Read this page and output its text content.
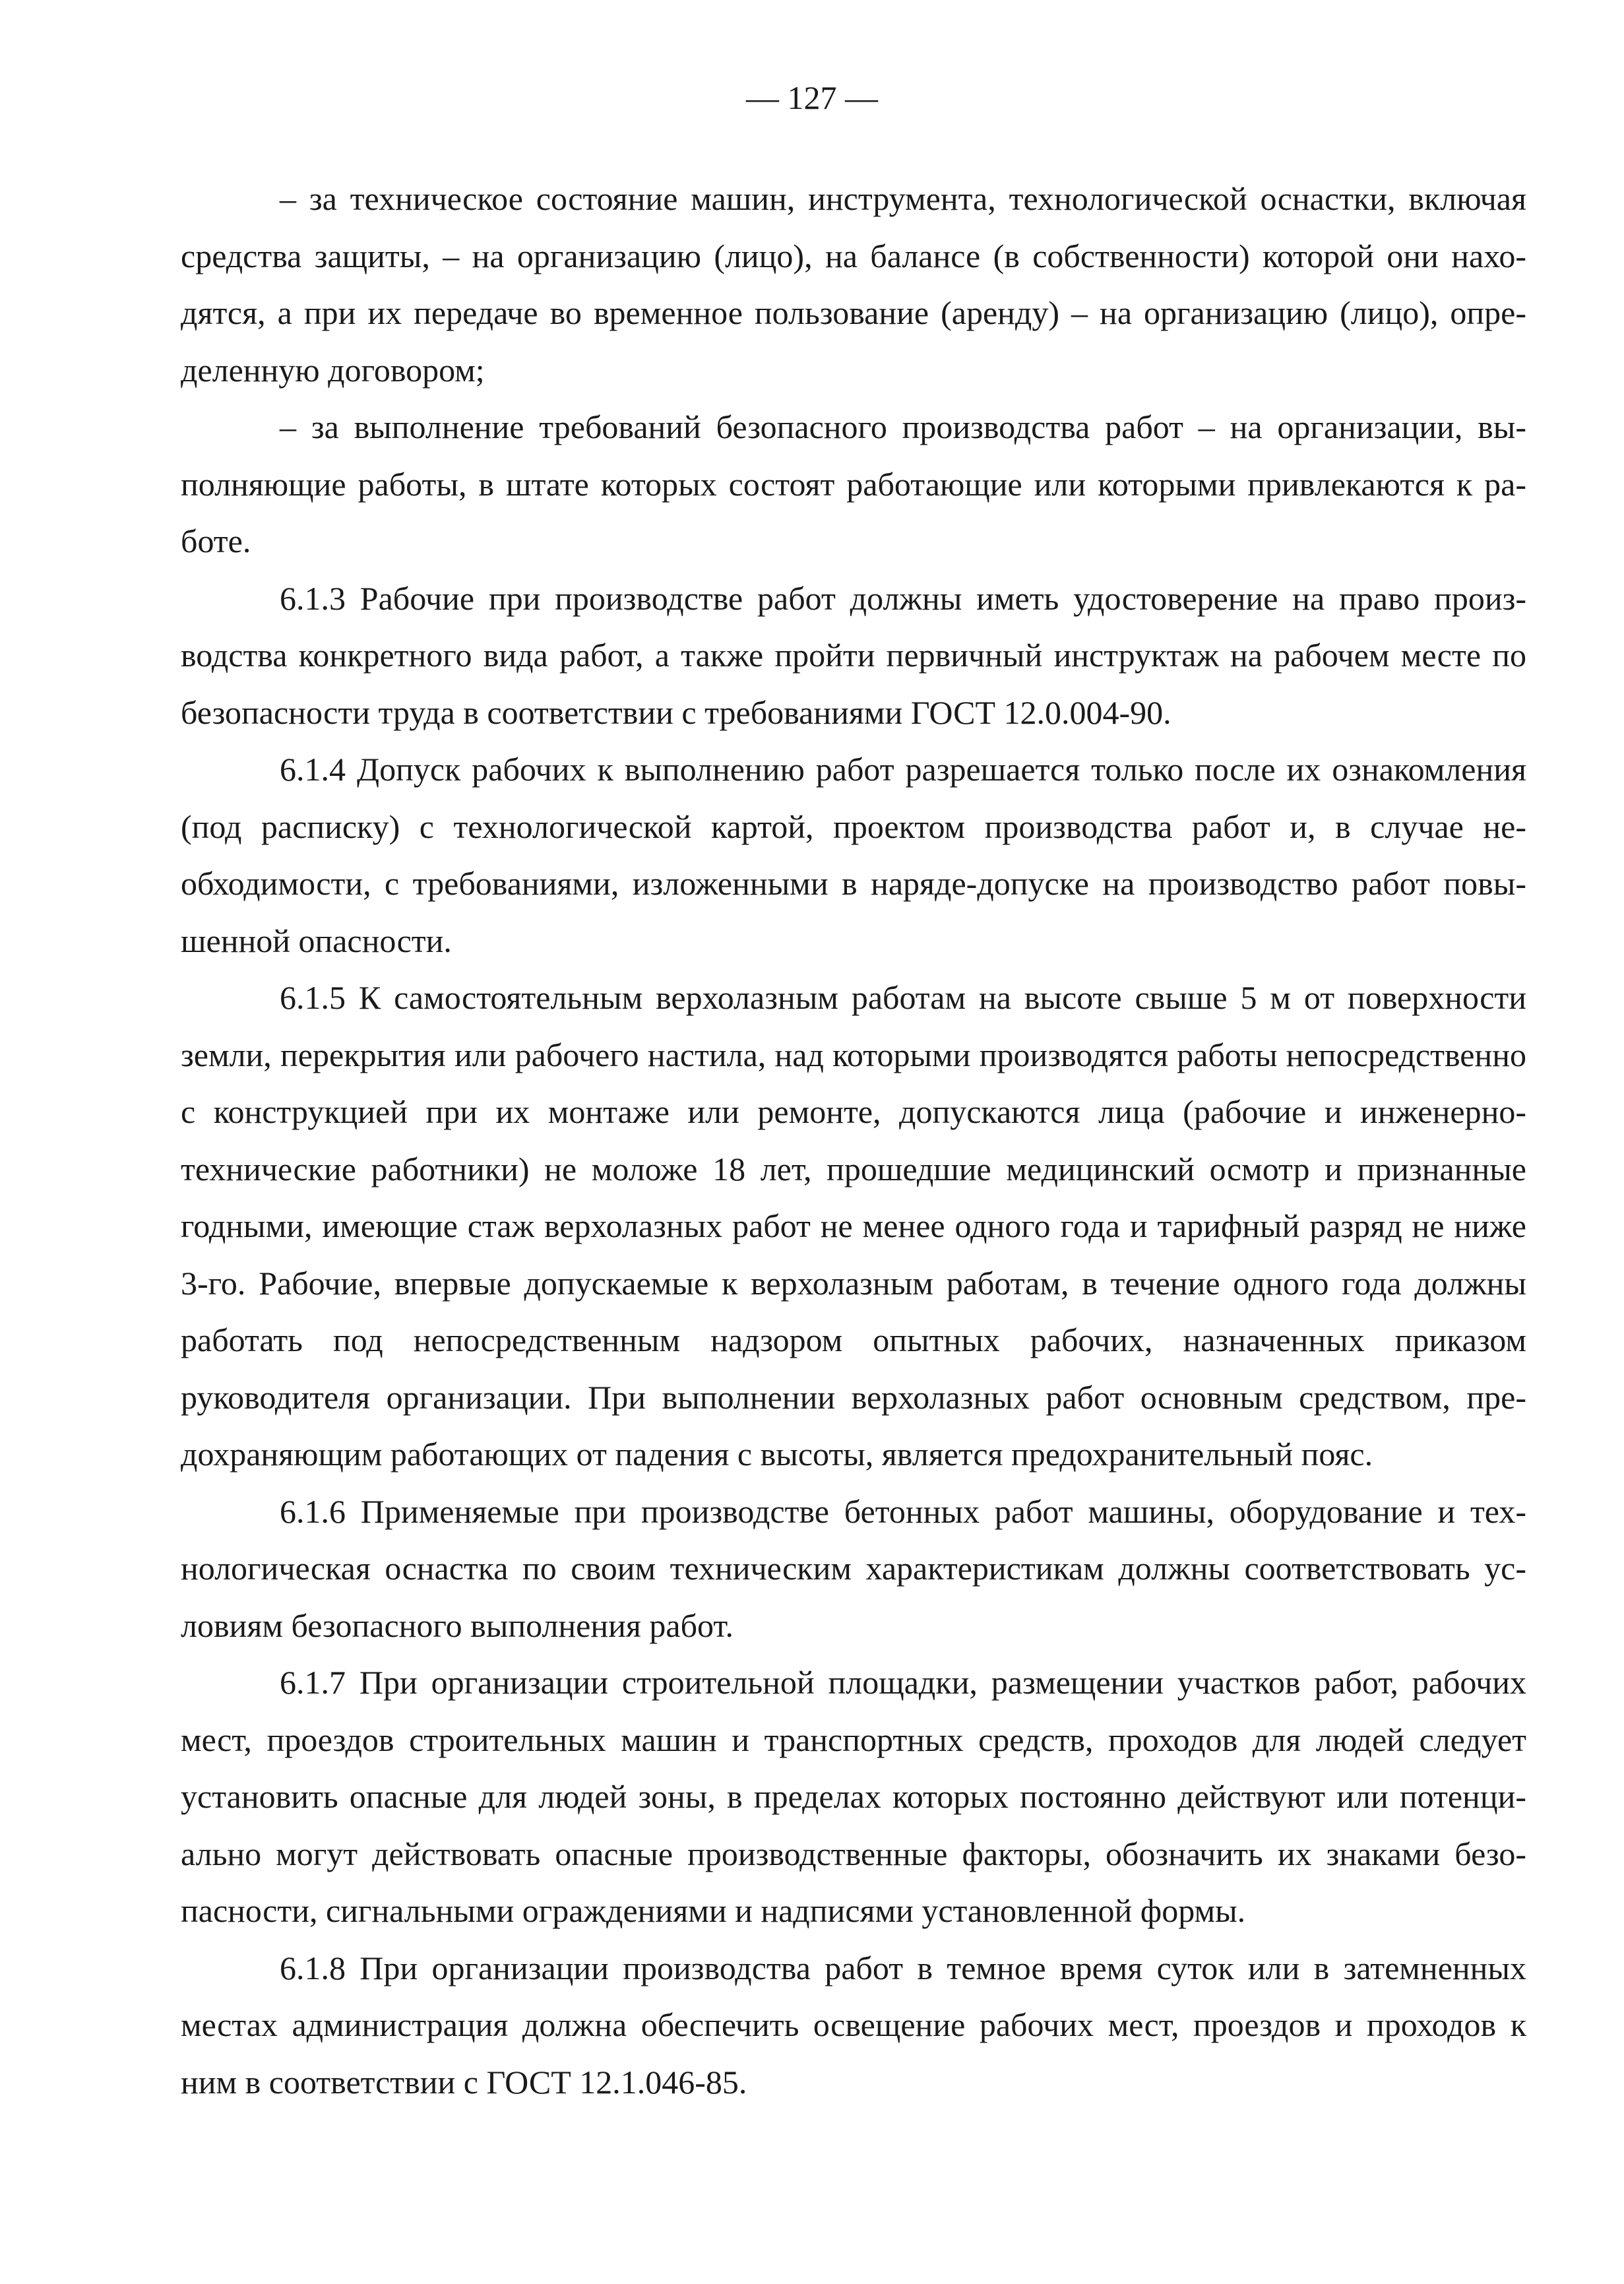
— 127 —

– за техническое состояние машин, инструмента, технологической оснастки, включая средства защиты, – на организацию (лицо), на балансе (в собственности) которой они находятся, а при их передаче во временное пользование (аренду) – на организацию (лицо), определенную договором;

– за выполнение требований безопасного производства работ – на организации, выполняющие работы, в штате которых состоят работающие или которыми привлекаются к работе.

6.1.3 Рабочие при производстве работ должны иметь удостоверение на право производства конкретного вида работ, а также пройти первичный инструктаж на рабочем месте по безопасности труда в соответствии с требованиями ГОСТ 12.0.004-90.

6.1.4 Допуск рабочих к выполнению работ разрешается только после их ознакомления (под расписку) с технологической картой, проектом производства работ и, в случае необходимости, с требованиями, изложенными в наряде-допуске на производство работ повышенной опасности.

6.1.5 К самостоятельным верхолазным работам на высоте свыше 5 м от поверхности земли, перекрытия или рабочего настила, над которыми производятся работы непосредственно с конструкцией при их монтаже или ремонте, допускаются лица (рабочие и инженерно-технические работники) не моложе 18 лет, прошедшие медицинский осмотр и признанные годными, имеющие стаж верхолазных работ не менее одного года и тарифный разряд не ниже 3-го. Рабочие, впервые допускаемые к верхолазным работам, в течение одного года должны работать под непосредственным надзором опытных рабочих, назначенных приказом руководителя организации. При выполнении верхолазных работ основным средством, предохраняющим работающих от падения с высоты, является предохранительный пояс.

6.1.6 Применяемые при производстве бетонных работ машины, оборудование и технологическая оснастка по своим техническим характеристикам должны соответствовать условиям безопасного выполнения работ.

6.1.7 При организации строительной площадки, размещении участков работ, рабочих мест, проездов строительных машин и транспортных средств, проходов для людей следует установить опасные для людей зоны, в пределах которых постоянно действуют или потенциально могут действовать опасные производственные факторы, обозначить их знаками безопасности, сигнальными ограждениями и надписями установленной формы.

6.1.8 При организации производства работ в темное время суток или в затемненных местах администрация должна обеспечить освещение рабочих мест, проездов и проходов к ним в соответствии с ГОСТ 12.1.046-85.
